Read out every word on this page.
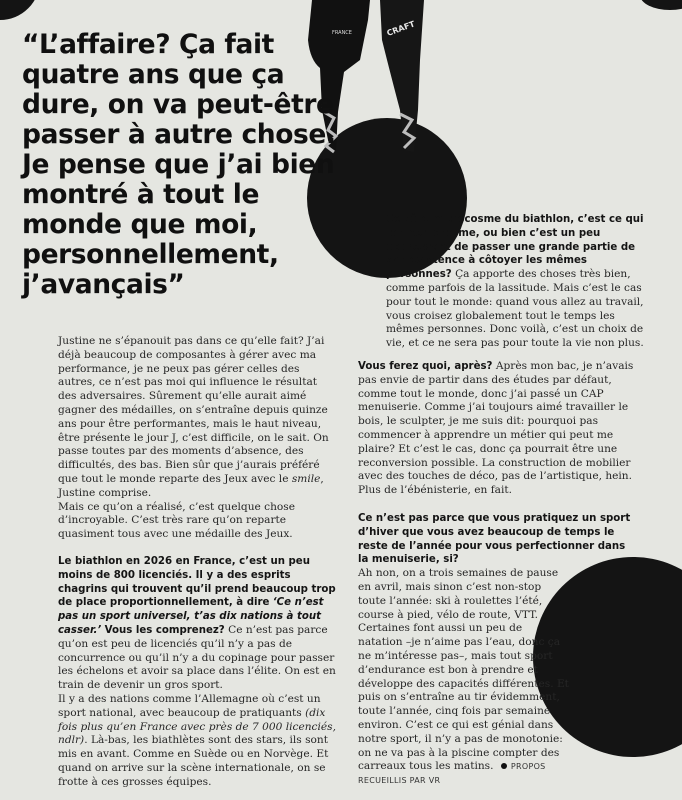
FRANCE	CRAFT

“L’affaire? Ça fait quatre ans que ça dure, on va peut-être passer à autre chose. Je pense que j’ai bien montré à tout le monde que moi, personnellement, j’avançais”

Ce côté microcosme du biathlon, c’est ce qui fait son charme, ou bien c’est un peu oppressant de passer une grande partie de son existence à côtoyer les mêmes personnes? Ça apporte des choses très bien, comme parfois de la lassitude. Mais c’est le cas pour tout le monde: quand vous allez au travail, vous croisez globalement tout le temps les mêmes personnes. Donc voilà, c’est un choix de vie, et ce ne sera pas pour toute la vie non plus.

Justine ne s’épanouit pas dans ce qu’elle fait? J’ai déjà beaucoup de composantes à gérer avec ma performance, je ne peux pas gérer celles des autres, ce n’est pas moi qui influence le résultat des adversaires. Sûrement qu’elle aurait aimé gagner des médailles, on s’entraîne depuis quinze ans pour être performantes, mais le haut niveau, être présente le jour J, c’est difficile, on le sait. On passe toutes par des moments d’absence, des difficultés, des bas. Bien sûr que j’aurais préféré que tout le monde reparte des Jeux avec le smile, Justine comprise.
Mais ce qu’on a réalisé, c’est quelque chose d’incroyable. C’est très rare qu’on reparte quasiment tous avec une médaille des Jeux.

Le biathlon en 2026 en France, c’est un peu moins de 800 licenciés. Il y a des esprits chagrins qui trouvent qu’il prend beaucoup trop de place proportionnellement, à dire ‘Ce n’est pas un sport universel, t’as dix nations à tout casser.’ Vous les comprenez? Ce n’est pas parce qu’on est peu de licenciés qu’il n’y a pas de concurrence ou qu’il n’y a du copinage pour passer les échelons et avoir sa place dans l’élite. On est en train de devenir un gros sport.
Il y a des nations comme l’Allemagne où c’est un sport national, avec beaucoup de pratiquants (dix fois plus qu’en France avec près de 7 000 licenciés, ndlr). Là-bas, les biathlètes sont des stars, ils sont mis en avant. Comme en Suède ou en Norvège. Et quand on arrive sur la scène internationale, on se frotte à ces grosses équipes.

Vous ferez quoi, après? Après mon bac, je n’avais pas envie de partir dans des études par défaut, comme tout le monde, donc j’ai passé un CAP menuiserie. Comme j’ai toujours aimé travailler le bois, le sculpter, je me suis dit: pourquoi pas commencer à apprendre un métier qui peut me plaire? Et c’est le cas, donc ça pourrait être une reconversion possible. La construction de mobilier avec des touches de déco, pas de l’artistique, hein. Plus de l’ébénisterie, en fait.

Ce n’est pas parce que vous pratiquez un sport d’hiver que vous avez beaucoup de temps le reste de l’année pour vous perfectionner dans la menuiserie, si? Ah non, on a trois semaines de pause en avril, mais sinon c’est non-stop toute l’année: ski à roulettes l’été, course à pied, vélo de route, VTT. Certaines font aussi un peu de natation –je n’aime pas l’eau, donc ça ne m’intéresse pas–, mais tout sport d’endurance est bon à prendre et développe des capacités différentes. Et puis on s’entraîne au tir évidemment, toute l’année, cinq fois par semaine environ. C’est ce qui est génial dans notre sport, il n’y a pas de monotonie: on ne va pas à la piscine compter des carreaux tous les matins. PROPOS RECUEILLIS PAR VR
